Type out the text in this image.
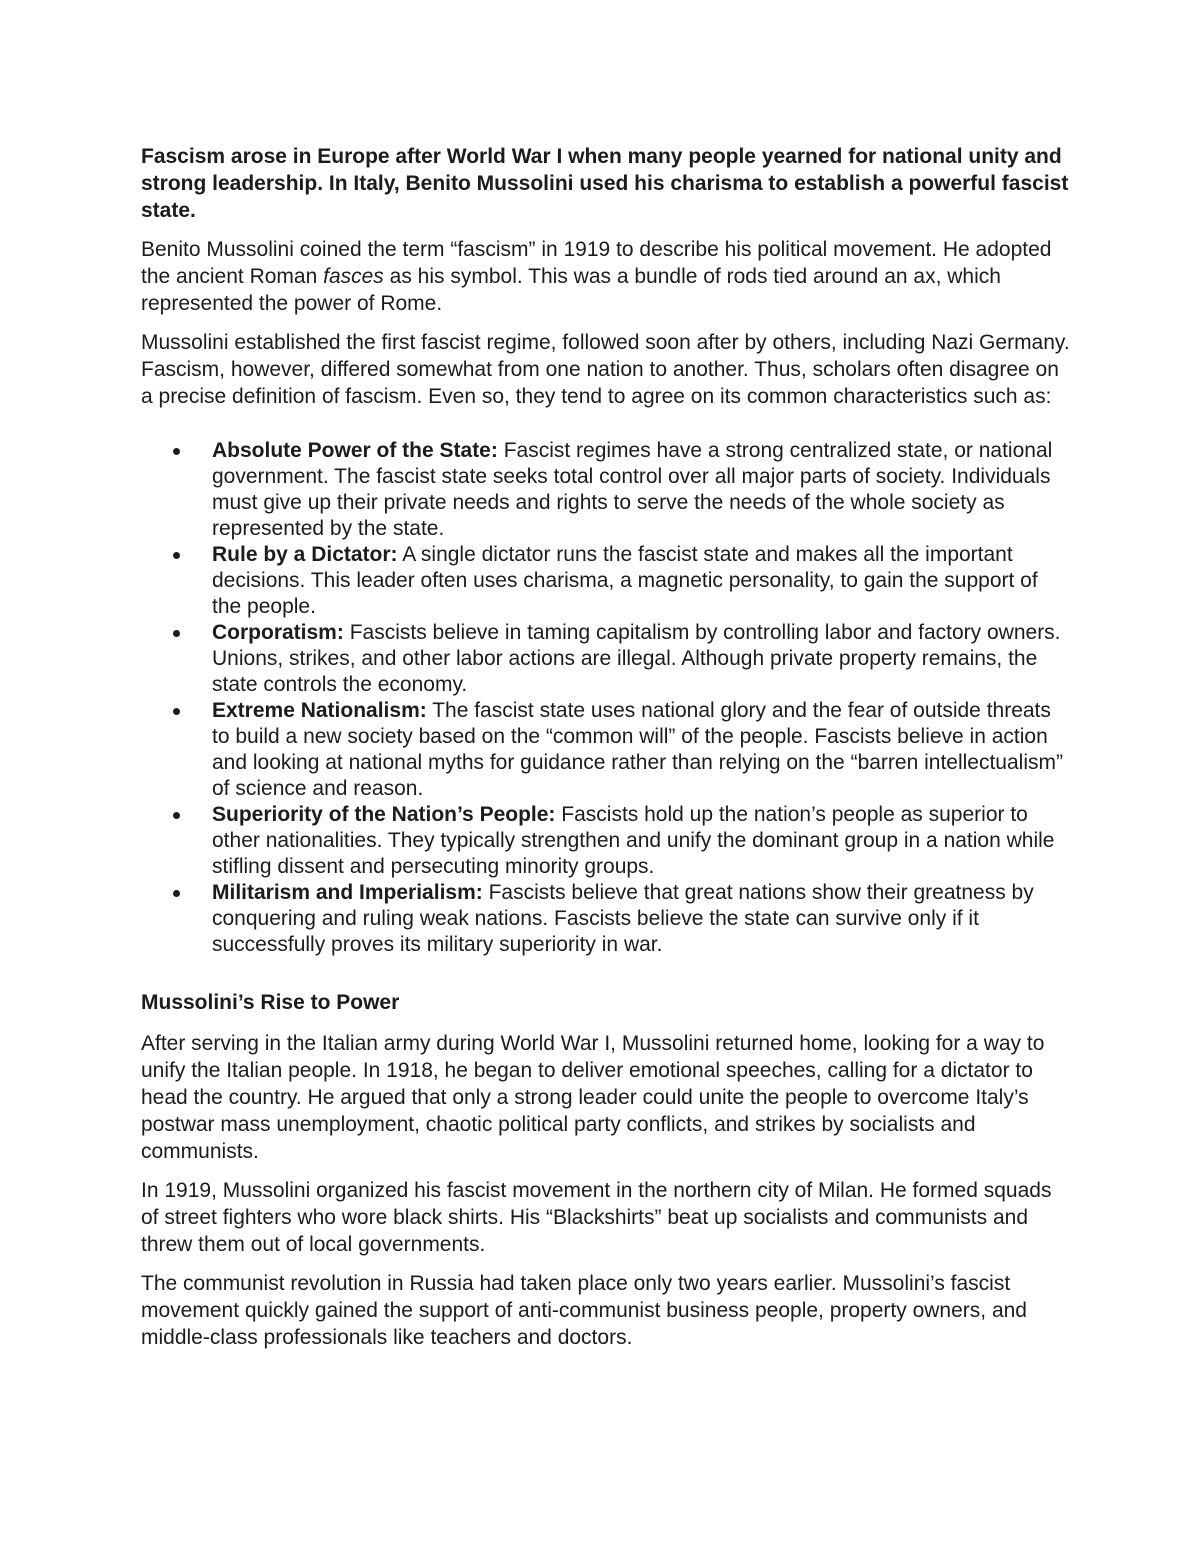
Fascism arose in Europe after World War I when many people yearned for national unity and strong leadership. In Italy, Benito Mussolini used his charisma to establish a powerful fascist state.

Benito Mussolini coined the term “fascism” in 1919 to describe his political movement. He adopted the ancient Roman fasces as his symbol. This was a bundle of rods tied around an ax, which represented the power of Rome.

Mussolini established the first fascist regime, followed soon after by others, including Nazi Germany. Fascism, however, differed somewhat from one nation to another. Thus, scholars often disagree on a precise definition of fascism. Even so, they tend to agree on its common characteristics such as:

Absolute Power of the State: Fascist regimes have a strong centralized state, or national government. The fascist state seeks total control over all major parts of society. Individuals must give up their private needs and rights to serve the needs of the whole society as represented by the state.
Rule by a Dictator: A single dictator runs the fascist state and makes all the important decisions. This leader often uses charisma, a magnetic personality, to gain the support of the people.
Corporatism: Fascists believe in taming capitalism by controlling labor and factory owners. Unions, strikes, and other labor actions are illegal. Although private property remains, the state controls the economy.
Extreme Nationalism: The fascist state uses national glory and the fear of outside threats to build a new society based on the “common will” of the people. Fascists believe in action and looking at national myths for guidance rather than relying on the “barren intellectualism” of science and reason.
Superiority of the Nation’s People: Fascists hold up the nation’s people as superior to other nationalities. They typically strengthen and unify the dominant group in a nation while stifling dissent and persecuting minority groups.
Militarism and Imperialism: Fascists believe that great nations show their greatness by conquering and ruling weak nations. Fascists believe the state can survive only if it successfully proves its military superiority in war.
Mussolini’s Rise to Power

After serving in the Italian army during World War I, Mussolini returned home, looking for a way to unify the Italian people. In 1918, he began to deliver emotional speeches, calling for a dictator to head the country. He argued that only a strong leader could unite the people to overcome Italy’s postwar mass unemployment, chaotic political party conflicts, and strikes by socialists and communists.

In 1919, Mussolini organized his fascist movement in the northern city of Milan. He formed squads of street fighters who wore black shirts. His “Blackshirts” beat up socialists and communists and threw them out of local governments.

The communist revolution in Russia had taken place only two years earlier. Mussolini’s fascist movement quickly gained the support of anti-communist business people, property owners, and middle-class professionals like teachers and doctors.
